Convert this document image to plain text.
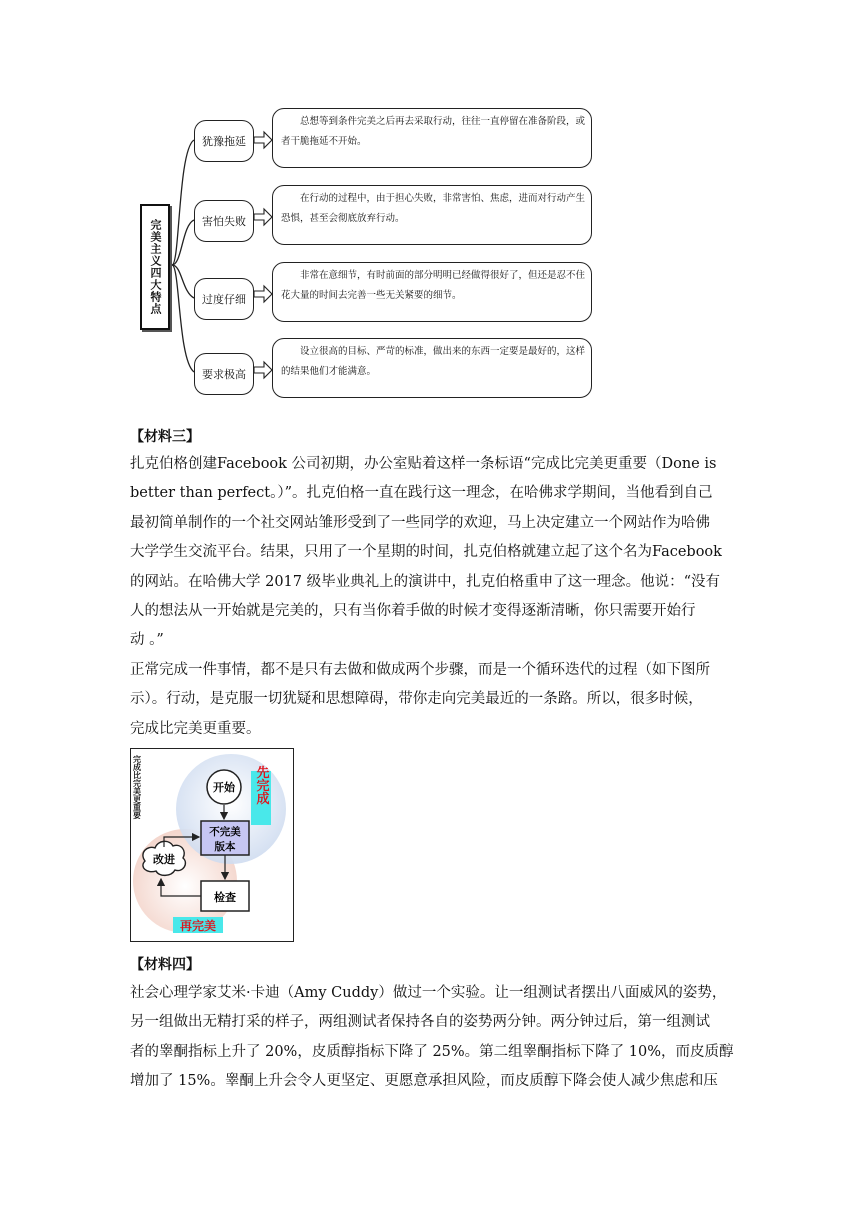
完美主义四大特点
犹豫拖延
害怕失败
过度仔细
要求极高
总想等到条件完美之后再去采取行动，往往一直停留在准备阶段，或者干脆拖延不开始。
在行动的过程中，由于担心失败，非常害怕、焦虑，进而对行动产生恐惧，甚至会彻底放弃行动。
非常在意细节，有时前面的部分明明已经做得很好了，但还是忍不住花大量的时间去完善一些无关紧要的细节。
设立很高的目标、严苛的标准，做出来的东西一定要是最好的，这样的结果他们才能满意。
【材料三】
扎克伯格创建Facebook 公司初期，办公室贴着这样一条标语“完成比完美更重要（Done is
better than perfect。）”。扎克伯格一直在践行这一理念，在哈佛求学期间，当他看到自己
最初简单制作的一个社交网站雏形受到了一些同学的欢迎，马上决定建立一个网站作为哈佛
大学学生交流平台。结果，只用了一个星期的时间，扎克伯格就建立起了这个名为Facebook
的网站。在哈佛大学 2017 级毕业典礼上的演讲中，扎克伯格重申了这一理念。他说：“没有
人的想法从一开始就是完美的，只有当你着手做的时候才变得逐渐清晰，你只需要开始行
动 。”
正常完成一件事情，都不是只有去做和做成两个步骤，而是一个循环迭代的过程（如下图所
示）。行动，是克服一切犹疑和思想障碍，带你走向完美最近的一条路。所以，很多时候，
完成比完美更重要。
完成比完美更重要	开始 先完成
不完美
版本
检查
改进
再完美
【材料四】
社会心理学家艾米·卡迪（Amy Cuddy）做过一个实验。让一组测试者摆出八面威风的姿势，
另一组做出无精打采的样子，两组测试者保持各自的姿势两分钟。两分钟过后，第一组测试
者的睾酮指标上升了 20%，皮质醇指标下降了 25%。第二组睾酮指标下降了 10%，而皮质醇
增加了 15%。睾酮上升会令人更坚定、更愿意承担风险，而皮质醇下降会使人减少焦虑和压
